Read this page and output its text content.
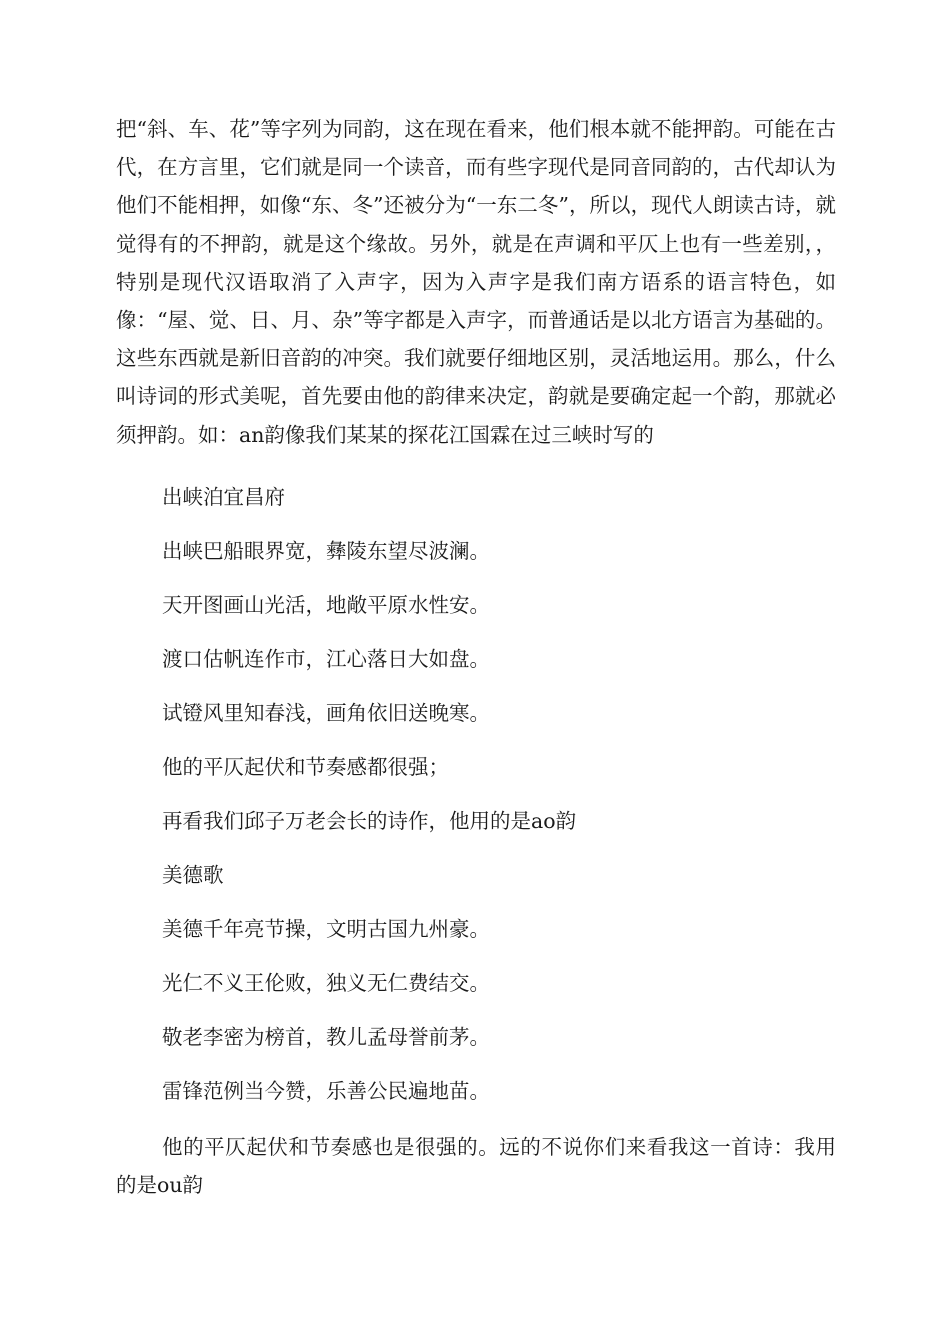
把“斜、车、花”等字列为同韵，这在现在看来，他们根本就不能押韵。可能在古代，在方言里，它们就是同一个读音，而有些字现代是同音同韵的，古代却认为他们不能相押，如像“东、冬”还被分为“一东二冬”，所以，现代人朗读古诗，就觉得有的不押韵，就是这个缘故。另外，就是在声调和平仄上也有一些差别，，特别是现代汉语取消了入声字，因为入声字是我们南方语系的语言特色，如像：“屋、觉、日、月、杂”等字都是入声字，而普通话是以北方语言为基础的。这些东西就是新旧音韵的冲突。我们就要仔细地区别，灵活地运用。那么，什么叫诗词的形式美呢，首先要由他的韵律来决定，韵就是要确定起一个韵，那就必须押韵。如：an韵像我们某某的探花江国霖在过三峡时写的

出峡泊宜昌府

出峡巴船眼界宽，彝陵东望尽波澜。

天开图画山光活，地敞平原水性安。

渡口估帆连作市，江心落日大如盘。

试镫风里知春浅，画角依旧送晚寒。

他的平仄起伏和节奏感都很强；

再看我们邱子万老会长的诗作，他用的是ao韵

美德歌

美德千年亮节操，文明古国九州豪。

光仁不义王伦败，独义无仁费结交。

敬老李密为榜首，教儿孟母誉前茅。

雷锋范例当今赞，乐善公民遍地苗。

他的平仄起伏和节奏感也是很强的。远的不说你们来看我这一首诗：我用的是ou韵
